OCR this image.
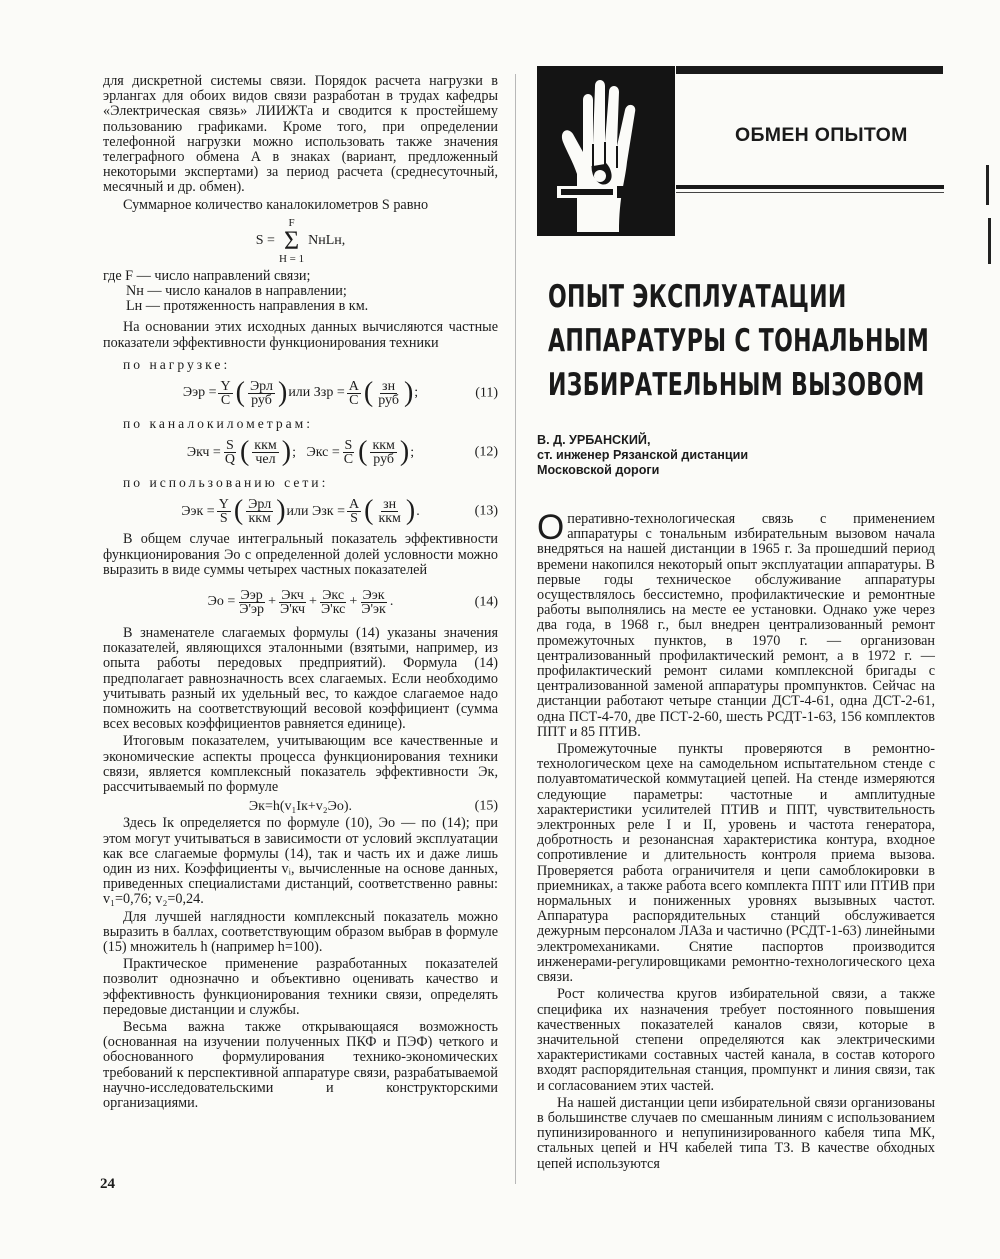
ОБМЕН ОПЫТОМ
ОПЫТ ЭКСПЛУАТАЦИИ
АППАРАТУРЫ С ТОНАЛЬНЫМ
ИЗБИРАТЕЛЬНЫМ ВЫЗОВОМ
В. Д. УРБАНСКИЙ,
ст. инженер Рязанской дистанции
Московской дороги

для дискретной системы связи. Порядок расчета нагрузки в эрлангах для обоих видов связи разработан в трудах кафедры «Электрическая связь» ЛИИЖТа и сводится к простейшему пользованию графиками. Кроме того, при определении телефонной нагрузки можно использовать также значения телеграфного обмена А в знаках (вариант, предложенный некоторыми экспертами) за период расчета (среднесуточный, месячный и др. обмен).

Суммарное количество каналокилометров S равно

S =
F
Σ
H = 1
NнLн,
где F — число направлений связи;
Nн — число каналов в направлении;
Lн — протяженность направления в км.

На основании этих исходных данных вычисляются частные показатели эффективности функционирования техники

по нагрузке:
Ээр = $\frac{Y}{C}$ ( $\frac{\text{Эрл}}{\text{руб}}$ ) или Ззр = $\frac{A}{C}$ ( $\frac{зн}{\text{руб}}$ ) ;	(11)
по каналокилометрам:
Экч = $\frac{S}{Q}$ ( $\frac{\text{ккм}}{\text{чел}}$ ) ;   Экс = $\frac{S}{C}$ ( $\frac{\text{ккм}}{\text{руб}}$ ) ;	(12)
по использованию сети:
Ээк = $\frac{Y}{S}$ ( $\frac{\text{Эрл}}{\text{ккм}}$ ) или Эзк = $\frac{A}{S}$ ( $\frac{зн}{\text{ккм}}$ ) .	(13)

В общем случае интегральный показатель эффективности функционирования Эо с определенной долей условности можно выразить в виде суммы четырех частных показателей

Эо = $\frac{\text{Ээр}}{Э'эр} + \frac{\text{Экч}}{Э'кч} + \frac{\text{Экс}}{Э'кс} + \frac{\text{Ээк}}{Э'эк}$ .	(14)

В знаменателе слагаемых формулы (14) указаны значения показателей, являющихся эталонными (взятыми, например, из опыта работы передовых предприятий). Формула (14) предполагает равнозначность всех слагаемых. Если необходимо учитывать разный их удельный вес, то каждое слагаемое надо помножить на соответствующий весовой коэффициент (сумма всех весовых коэффициентов равняется единице).

Итоговым показателем, учитывающим все качественные и экономические аспекты процесса функционирования техники связи, является комплексный показатель эффективности Эк, рассчитываемый по формуле

Эк=h(v₁Iк+v₂Эо).	(15)

Здесь Iк определяется по формуле (10), Эо — по (14); при этом могут учитываться в зависимости от условий эксплуатации как все слагаемые формулы (14), так и часть их и даже лишь один из них. Коэффициенты vᵢ, вычисленные на основе данных, приведенных специалистами дистанций, соответственно равны: v₁=0,76; v₂=0,24.

Для лучшей наглядности комплексный показатель можно выразить в баллах, соответствующим образом выбрав в формуле (15) множитель h (например h=100).

Практическое применение разработанных показателей позволит однозначно и объективно оценивать качество и эффективность функционирования техники связи, определять передовые дистанции и службы.

Весьма важна также открывающаяся возможность (основанная на изучении полученных ПКФ и ПЭФ) четкого и обоснованного формулирования технико-экономических требований к перспективной аппаратуре связи, разрабатываемой научно-исследовательскими и конструкторскими организациями.

24

Оперативно-технологическая связь с применением аппаратуры с тональным избирательным вызовом начала внедряться на нашей дистанции в 1965 г. За прошедший период времени накопился некоторый опыт эксплуатации аппаратуры. В первые годы техническое обслуживание аппаратуры осуществлялось бессистемно, профилактические и ремонтные работы выполнялись на месте ее установки. Однако уже через два года, в 1968 г., был внедрен централизованный ремонт промежуточных пунктов, в 1970 г. — организован централизованный профилактический ремонт, а в 1972 г. — профилактический ремонт силами комплексной бригады с централизованной заменой аппаратуры промпунктов. Сейчас на дистанции работают четыре станции ДСТ-4-61, одна ДСТ-2-61, одна ПСТ-4-70, две ПСТ-2-60, шесть РСДТ-1-63, 156 комплектов ППТ и 85 ПТИВ.

Промежуточные пункты проверяются в ремонтно-технологическом цехе на самодельном испытательном стенде с полуавтоматической коммутацией цепей. На стенде измеряются следующие параметры: частотные и амплитудные характеристики усилителей ПТИВ и ППТ, чувствительность электронных реле I и II, уровень и частота генератора, добротность и резонансная характеристика контура, входное сопротивление и длительность контроля приема вызова. Проверяется работа ограничителя и цепи самоблокировки в приемниках, а также работа всего комплекта ППТ или ПТИВ при нормальных и пониженных уровнях вызывных частот. Аппаратура распорядительных станций обслуживается дежурным персоналом ЛАЗа и частично (РСДТ-1-63) линейными электромеханиками. Снятие паспортов производится инженерами-регулировщиками ремонтно-технологического цеха связи.

Рост количества кругов избирательной связи, а также специфика их назначения требует постоянного повышения качественных показателей каналов связи, которые в значительной степени определяются как электрическими характеристиками составных частей канала, в состав которого входят распорядительная станция, промпункт и линия связи, так и согласованием этих частей.

На нашей дистанции цепи избирательной связи организованы в большинстве случаев по смешанным линиям с использованием пупинизированного и непупинизированного кабеля типа МК, стальных цепей и НЧ кабелей типа ТЗ. В качестве обходных цепей используются
